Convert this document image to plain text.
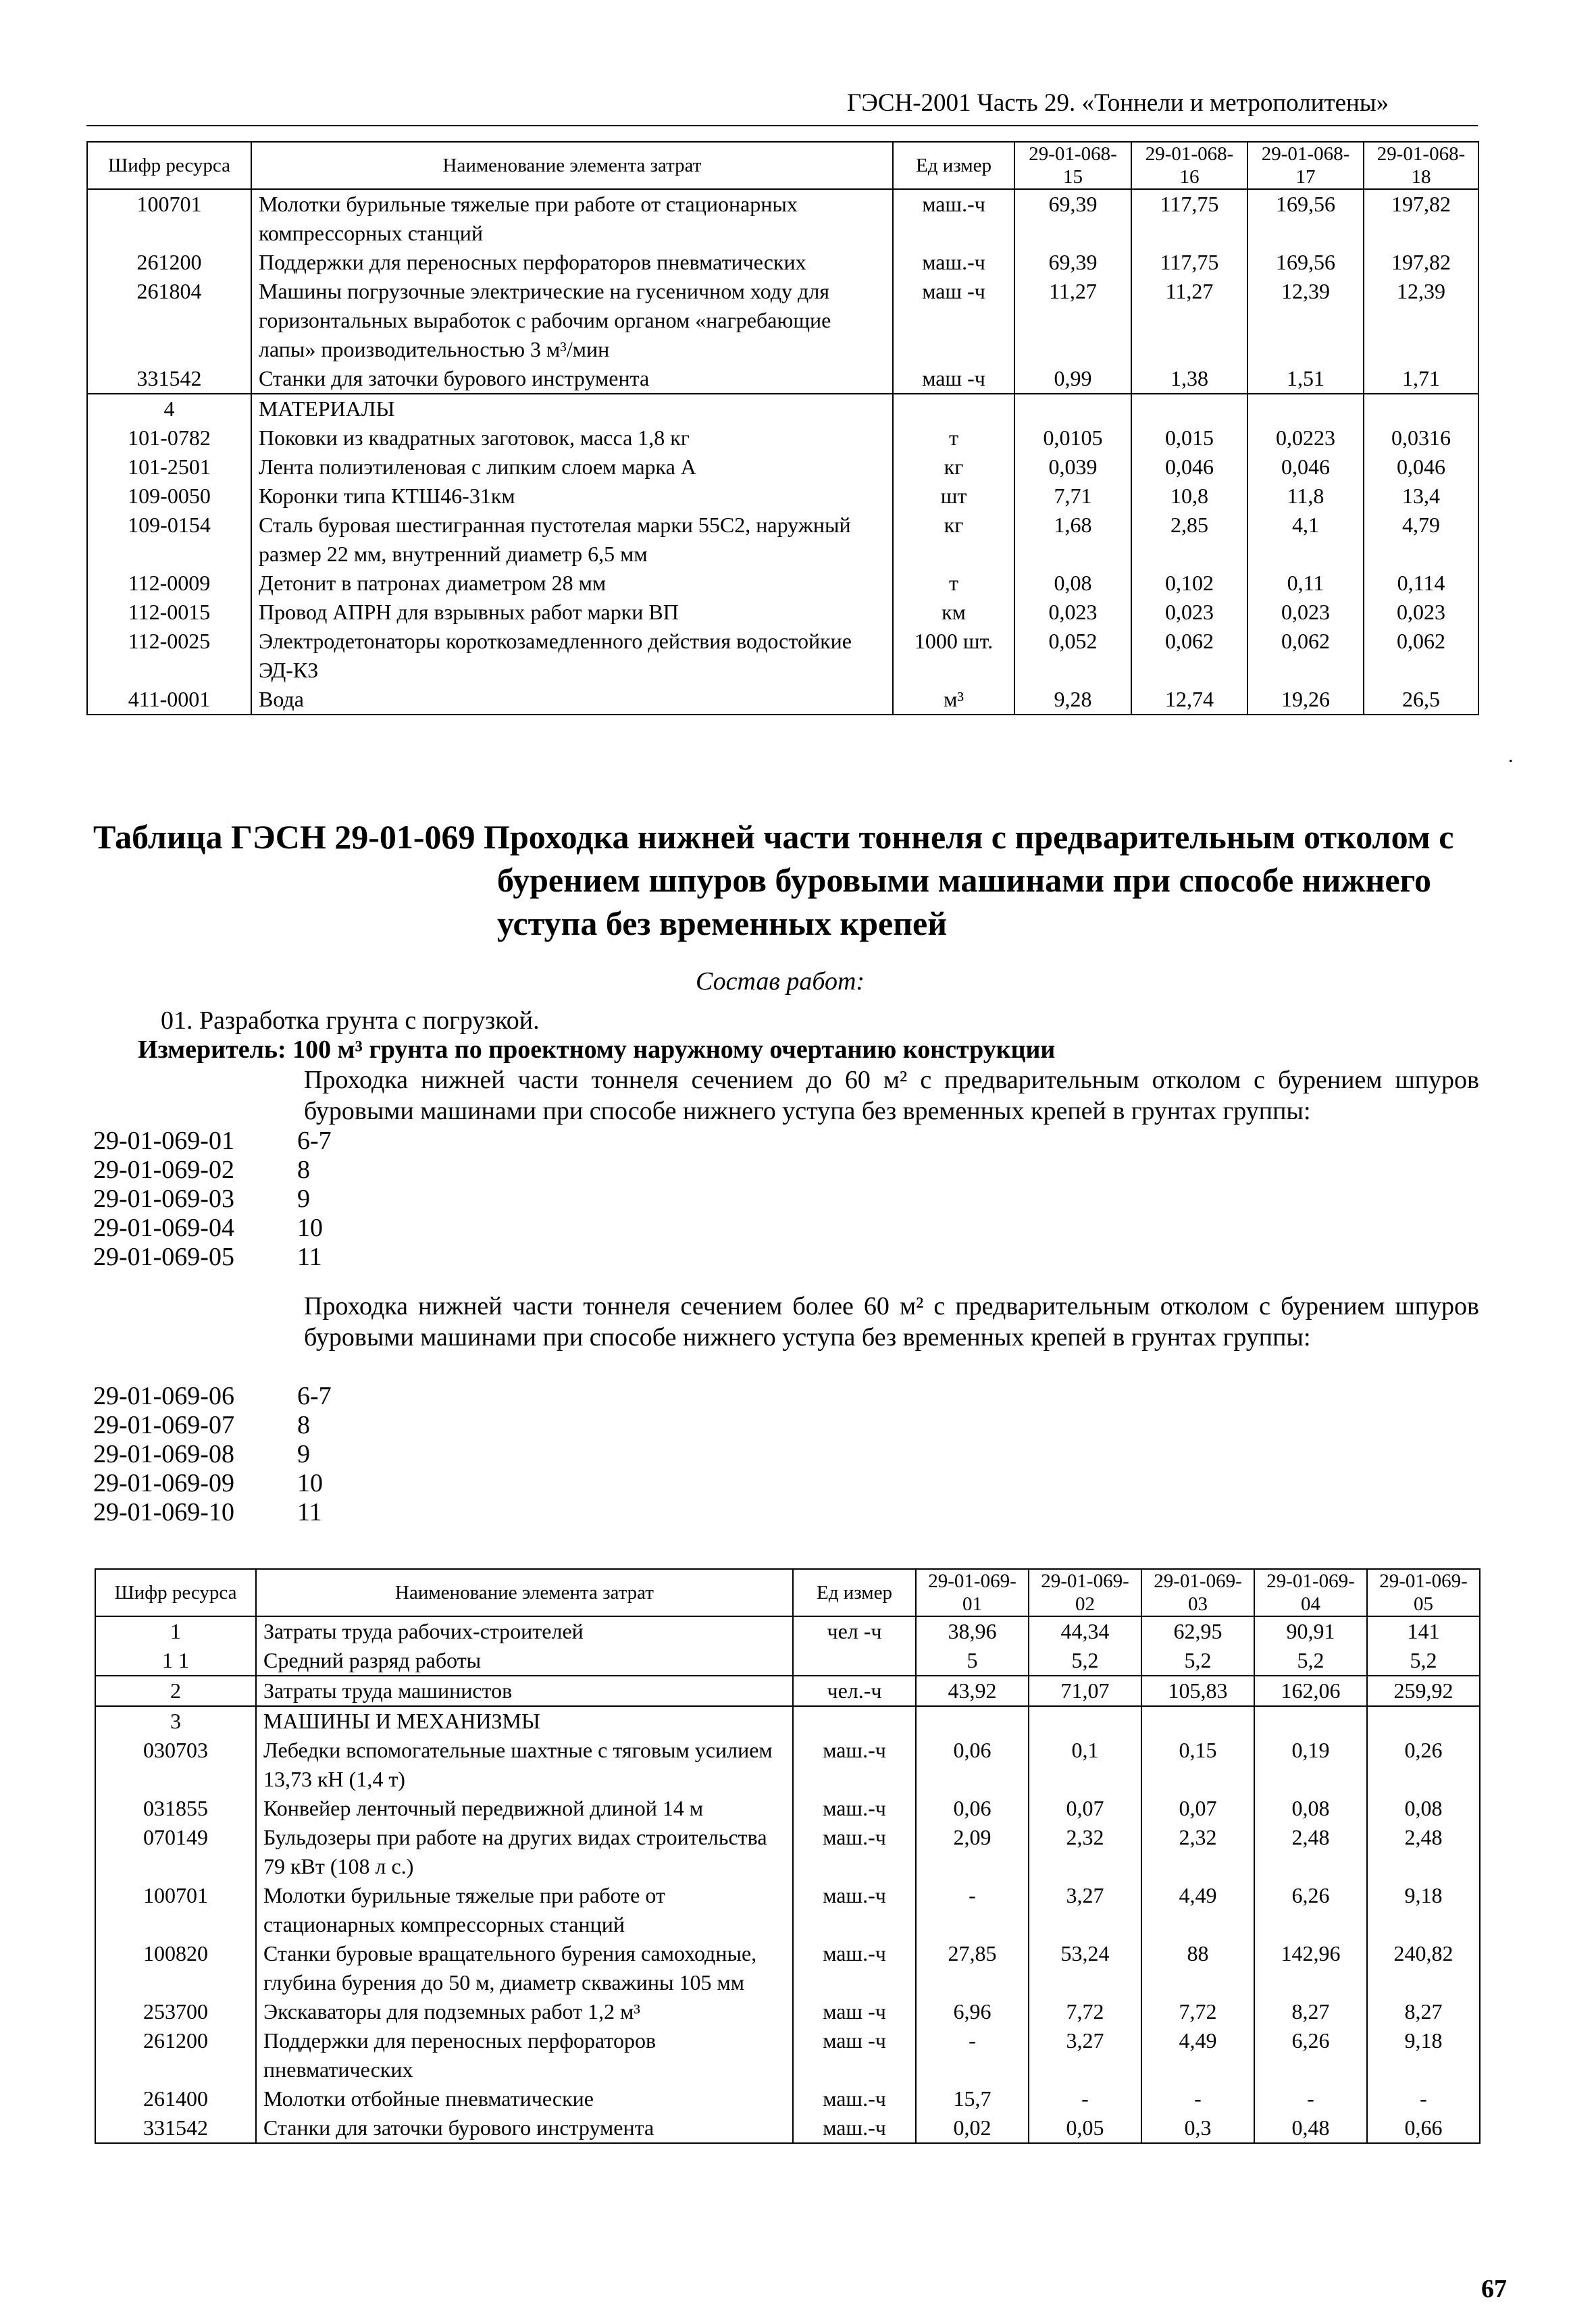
ГЭСН-2001 Часть 29. «Тоннели и метрополитены»
Шифр ресурса	Наименование элемента затрат	Ед измер	29-01-068-15	29-01-068-16	29-01-068-17	29-01-068-18
100701	Молотки бурильные тяжелые при работе от стационарных компрессорных станций	маш.-ч	69,39	117,75	169,56	197,82
261200	Поддержки для переносных перфораторов пневматических	маш.-ч	69,39	117,75	169,56	197,82
261804	Машины погрузочные электрические на гусеничном ходу для горизонтальных выработок с рабочим органом «нагребающие лапы» производительностью 3 м³/мин	маш -ч	11,27	11,27	12,39	12,39
331542	Станки для заточки бурового инструмента	маш -ч	0,99	1,38	1,51	1,71
4	МАТЕРИАЛЫ					
101-0782	Поковки из квадратных заготовок, масса 1,8 кг	т	0,0105	0,015	0,0223	0,0316
101-2501	Лента полиэтиленовая с липким слоем марка А	кг	0,039	0,046	0,046	0,046
109-0050	Коронки типа КТШ46-31км	шт	7,71	10,8	11,8	13,4
109-0154	Сталь буровая шестигранная пустотелая марки 55С2, наружный размер 22 мм, внутренний диаметр 6,5 мм	кг	1,68	2,85	4,1	4,79
112-0009	Детонит в патронах диаметром 28 мм	т	0,08	0,102	0,11	0,114
112-0015	Провод АПРН для взрывных работ марки ВП	км	0,023	0,023	0,023	0,023
112-0025	Электродетонаторы короткозамедленного действия водостойкие ЭД-КЗ	1000 шт.	0,052	0,062	0,062	0,062
411-0001	Вода	м³	9,28	12,74	19,26	26,5
.
Таблица ГЭСН 29-01-069 Проходка нижней части тоннеля с предварительным отколом с
бурением шпуров буровыми машинами при способе нижнего
уступа без временных крепей
Состав работ:
01. Разработка грунта с погрузкой.
Измеритель: 100 м³ грунта по проектному наружному очертанию конструкции
Проходка нижней части тоннеля сечением до 60 м² с предварительным отколом с бурением шпуров буровыми машинами при способе нижнего уступа без временных крепей в грунтах группы:
29-01-069-01	6-7
29-01-069-02	8
29-01-069-03	9
29-01-069-04	10
29-01-069-05	11
Проходка нижней части тоннеля сечением более 60 м² с предварительным отколом с бурением шпуров буровыми машинами при способе нижнего уступа без временных крепей в грунтах группы:
29-01-069-06	6-7
29-01-069-07	8
29-01-069-08	9
29-01-069-09	10
29-01-069-10	11
Шифр ресурса	Наименование элемента затрат	Ед измер	29-01-069-01	29-01-069-02	29-01-069-03	29-01-069-04	29-01-069-05
1	Затраты труда рабочих-строителей	чел -ч	38,96	44,34	62,95	90,91	141
1 1	Средний разряд работы		5	5,2	5,2	5,2	5,2
2	Затраты труда машинистов	чел.-ч	43,92	71,07	105,83	162,06	259,92
3	МАШИНЫ И МЕХАНИЗМЫ						
030703	Лебедки вспомогательные шахтные с тяговым усилием 13,73 кН (1,4 т)	маш.-ч	0,06	0,1	0,15	0,19	0,26
031855	Конвейер ленточный передвижной длиной 14 м	маш.-ч	0,06	0,07	0,07	0,08	0,08
070149	Бульдозеры при работе на других видах строительства 79 кВт (108 л с.)	маш.-ч	2,09	2,32	2,32	2,48	2,48
100701	Молотки бурильные тяжелые при работе от стационарных компрессорных станций	маш.-ч	-	3,27	4,49	6,26	9,18
100820	Станки буровые вращательного бурения самоходные, глубина бурения до 50 м, диаметр скважины 105 мм	маш.-ч	27,85	53,24	88	142,96	240,82
253700	Экскаваторы для подземных работ 1,2 м³	маш -ч	6,96	7,72	7,72	8,27	8,27
261200	Поддержки для переносных перфораторов пневматических	маш -ч	-	3,27	4,49	6,26	9,18
261400	Молотки отбойные пневматические	маш.-ч	15,7	-	-	-	-
331542	Станки для заточки бурового инструмента	маш.-ч	0,02	0,05	0,3	0,48	0,66
67
